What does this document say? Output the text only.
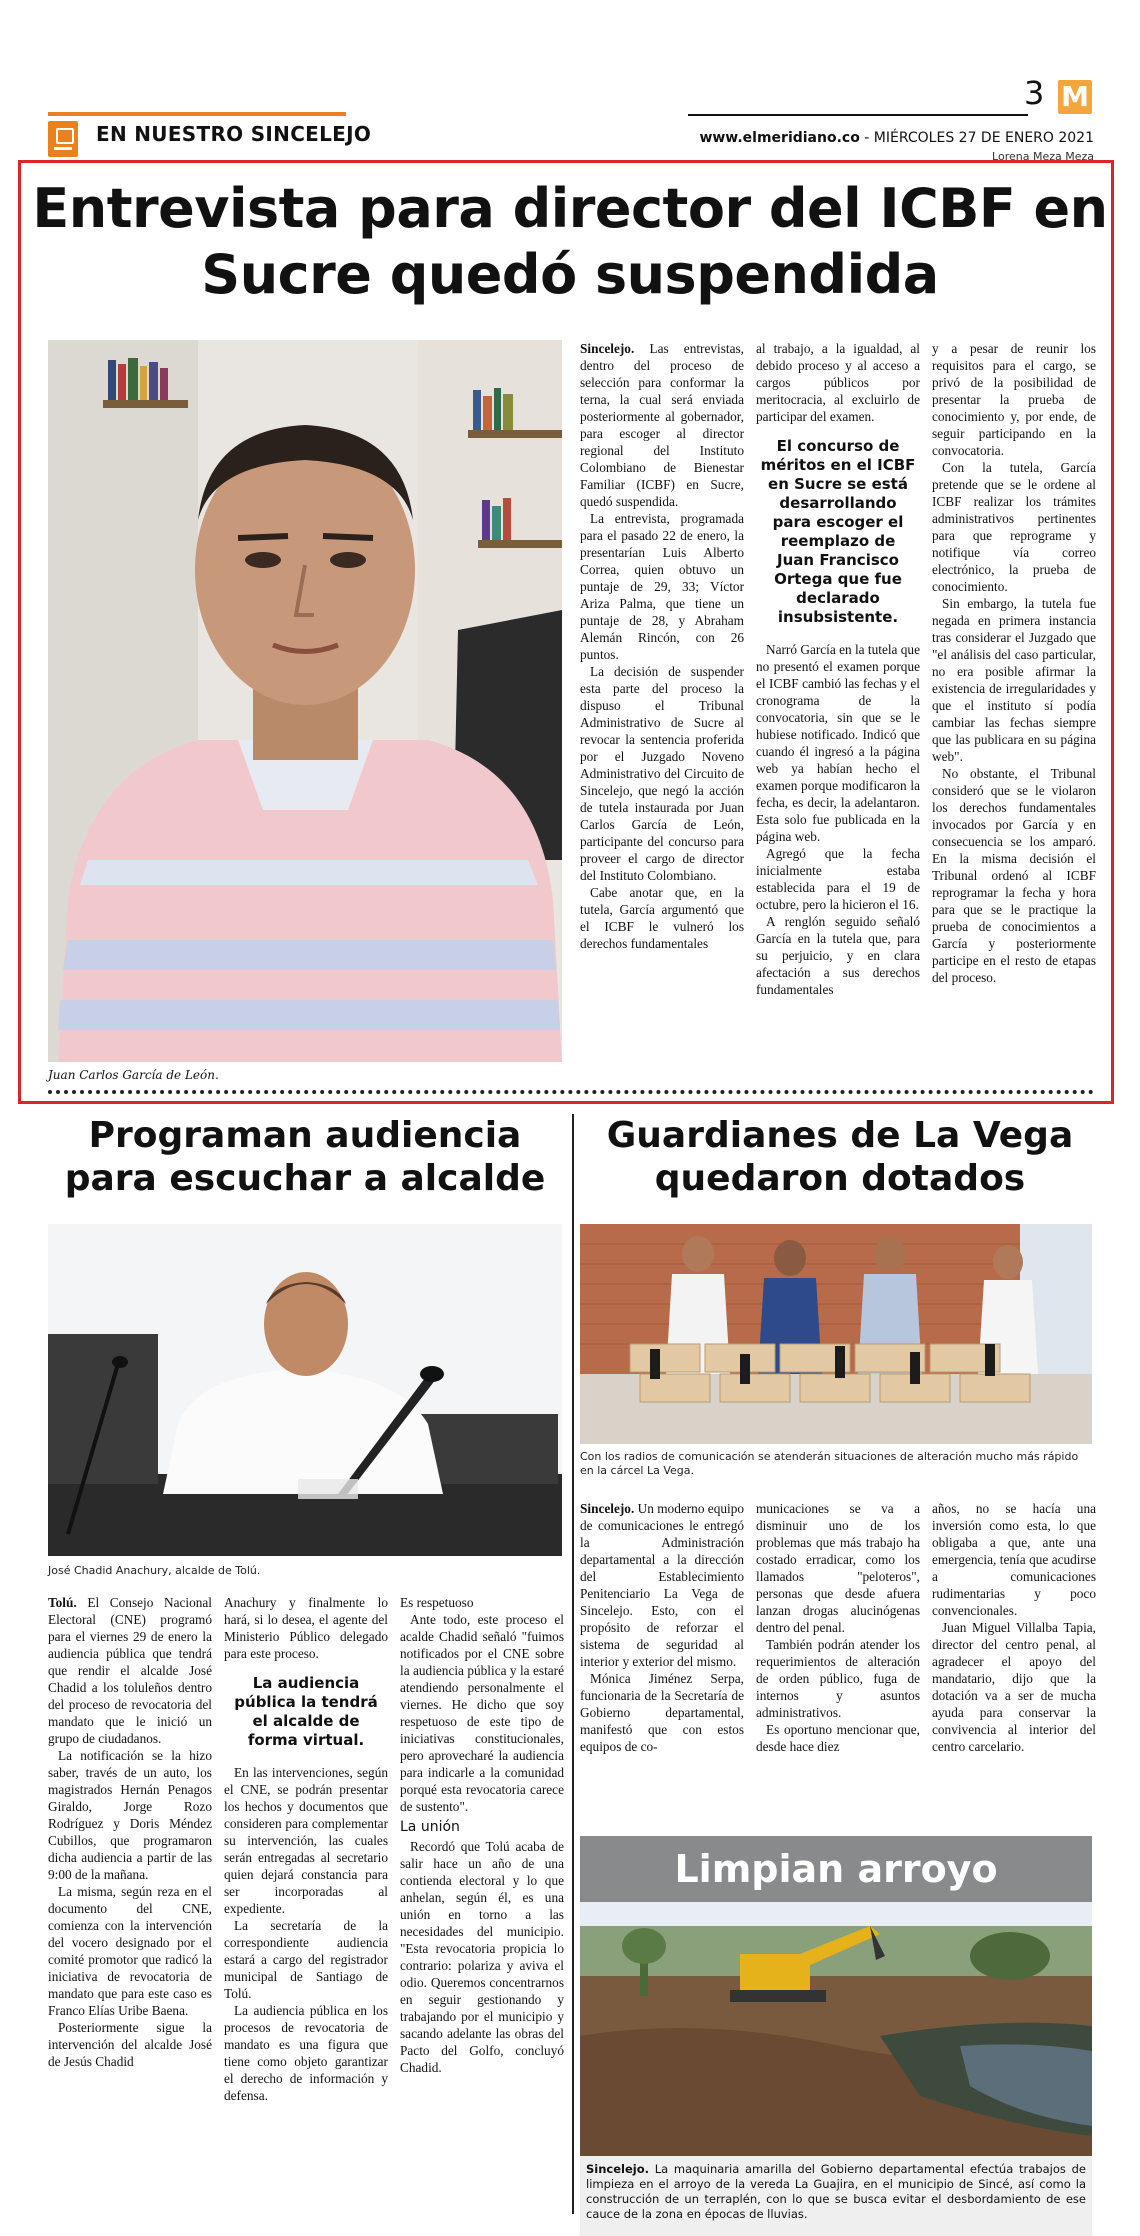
EN NUESTRO SINCELEJO
3 M
www.elmeridiano.co - MIÉRCOLES 27 DE ENERO 2021
Lorena Meza Meza
Entrevista para director del ICBF en Sucre quedó suspendida
Juan Carlos García de León.

Sincelejo. Las entrevistas, dentro del proceso de selección para conformar la terna, la cual será enviada posteriormente al gobernador, para escoger al director regional del Instituto Colombiano de Bienestar Familiar (ICBF) en Sucre, quedó suspendida.

La entrevista, programada para el pasado 22 de enero, la presentarían Luis Alberto Correa, quien obtuvo un puntaje de 29, 33; Víctor Ariza Palma, que tiene un puntaje de 28, y Abraham Alemán Rincón, con 26 puntos.

La decisión de suspender esta parte del proceso la dispuso el Tribunal Administrativo de Sucre al revocar la sentencia proferida por el Juzgado Noveno Administrativo del Circuito de Sincelejo, que negó la acción de tutela instaurada por Juan Carlos García de León, participante del concurso para proveer el cargo de director del Instituto Colombiano.

Cabe anotar que, en la tutela, García argumentó que el ICBF le vulneró los derechos fundamentales

al trabajo, a la igualdad, al debido proceso y al acceso a cargos públicos por meritocracia, al excluirlo de participar del examen.

El concurso de méritos en el ICBF en Sucre se está desarrollando para escoger el reemplazo de Juan Francisco Ortega que fue declarado insubsistente.

Narró García en la tutela que no presentó el examen porque el ICBF cambió las fechas y el cronograma de la convocatoria, sin que se le hubiese notificado. Indicó que cuando él ingresó a la página web ya habían hecho el examen porque modificaron la fecha, es decir, la adelantaron. Esta solo fue publicada en la página web.

Agregó que la fecha inicialmente estaba establecida para el 19 de octubre, pero la hicieron el 16.

A renglón seguido señaló García en la tutela que, para su perjuicio, y en clara afectación a sus derechos fundamentales

y a pesar de reunir los requisitos para el cargo, se privó de la posibilidad de presentar la prueba de conocimiento y, por ende, de seguir participando en la convocatoria.

Con la tutela, García pretende que se le ordene al ICBF realizar los trámites administrativos pertinentes para que reprograme y notifique vía correo electrónico, la prueba de conocimiento.

Sin embargo, la tutela fue negada en primera instancia tras considerar el Juzgado que "el análisis del caso particular, no era posible afirmar la existencia de irregularidades y que el instituto sí podía cambiar las fechas siempre que las publicara en su página web".

No obstante, el Tribunal consideró que se le violaron los derechos fundamentales invocados por García y en consecuencia se los amparó. En la misma decisión el Tribunal ordenó al ICBF reprogramar la fecha y hora para que se le practique la prueba de conocimientos a García y posteriormente participe en el resto de etapas del proceso.

Programan audiencia para escuchar a alcalde
José Chadid Anachury, alcalde de Tolú.

Tolú. El Consejo Nacional Electoral (CNE) programó para el viernes 29 de enero la audiencia pública que tendrá que rendir el alcalde José Chadid a los toluleños dentro del proceso de revocatoria del mandato que le inició un grupo de ciudadanos.

La notificación se la hizo saber, través de un auto, los magistrados Hernán Penagos Giraldo, Jorge Rozo Rodríguez y Doris Méndez Cubillos, que programaron dicha audiencia a partir de las 9:00 de la mañana.

La misma, según reza en el documento del CNE, comienza con la intervención del vocero designado por el comité promotor que radicó la iniciativa de revocatoria de mandato que para este caso es Franco Elías Uribe Baena.

Posteriormente sigue la intervención del alcalde José de Jesús Chadid

Anachury y finalmente lo hará, si lo desea, el agente del Ministerio Público delegado para este proceso.

La audiencia pública la tendrá el alcalde de forma virtual.

En las intervenciones, según el CNE, se podrán presentar los hechos y documentos que consideren para complementar su intervención, las cuales serán entregadas al secretario quien dejará constancia para ser incorporadas al expediente.

La secretaría de la correspondiente audiencia estará a cargo del registrador municipal de Santiago de Tolú.

La audiencia pública en los procesos de revocatoria de mandato es una figura que tiene como objeto garantizar el derecho de información y defensa.

Es respetuoso

Ante todo, este proceso el acalde Chadid señaló "fuimos notificados por el CNE sobre la audiencia pública y la estaré atendiendo personalmente el viernes. He dicho que soy respetuoso de este tipo de iniciativas constitucionales, pero aprovecharé la audiencia para indicarle a la comunidad porqué esta revocatoria carece de sustento".

La unión

Recordó que Tolú acaba de salir hace un año de una contienda electoral y lo que anhelan, según él, es una unión en torno a las necesidades del municipio. "Esta revocatoria propicia lo contrario: polariza y aviva el odio. Queremos concentrarnos en seguir gestionando y trabajando por el municipio y sacando adelante las obras del Pacto del Golfo, concluyó Chadid.

Guardianes de La Vega quedaron dotados
Con los radios de comunicación se atenderán situaciones de alteración mucho más rápido en la cárcel La Vega.

Sincelejo. Un moderno equipo de comunicaciones le entregó la Administración departamental a la dirección del Establecimiento Penitenciario La Vega de Sincelejo. Esto, con el propósito de reforzar el sistema de seguridad al interior y exterior del mismo.

Mónica Jiménez Serpa, funcionaria de la Secretaría de Gobierno departamental, manifestó que con estos equipos de co-

municaciones se va a disminuir uno de los problemas que más trabajo ha costado erradicar, como los llamados "peloteros", personas que desde afuera lanzan drogas alucinógenas dentro del penal.

También podrán atender los requerimientos de alteración de orden público, fuga de internos y asuntos administrativos.

Es oportuno mencionar que, desde hace diez

años, no se hacía una inversión como esta, lo que obligaba a que, ante una emergencia, tenía que acudirse a comunicaciones rudimentarias y poco convencionales.

Juan Miguel Villalba Tapia, director del centro penal, al agradecer el apoyo del mandatario, dijo que la dotación va a ser de mucha ayuda para conservar la convivencia al interior del centro carcelario.

Limpian arroyo
Sincelejo. La maquinaria amarilla del Gobierno departamental efectúa trabajos de limpieza en el arroyo de la vereda La Guajira, en el municipio de Sincé, así como la construcción de un terraplén, con lo que se busca evitar el desbordamiento de ese cauce de la zona en épocas de lluvias.
